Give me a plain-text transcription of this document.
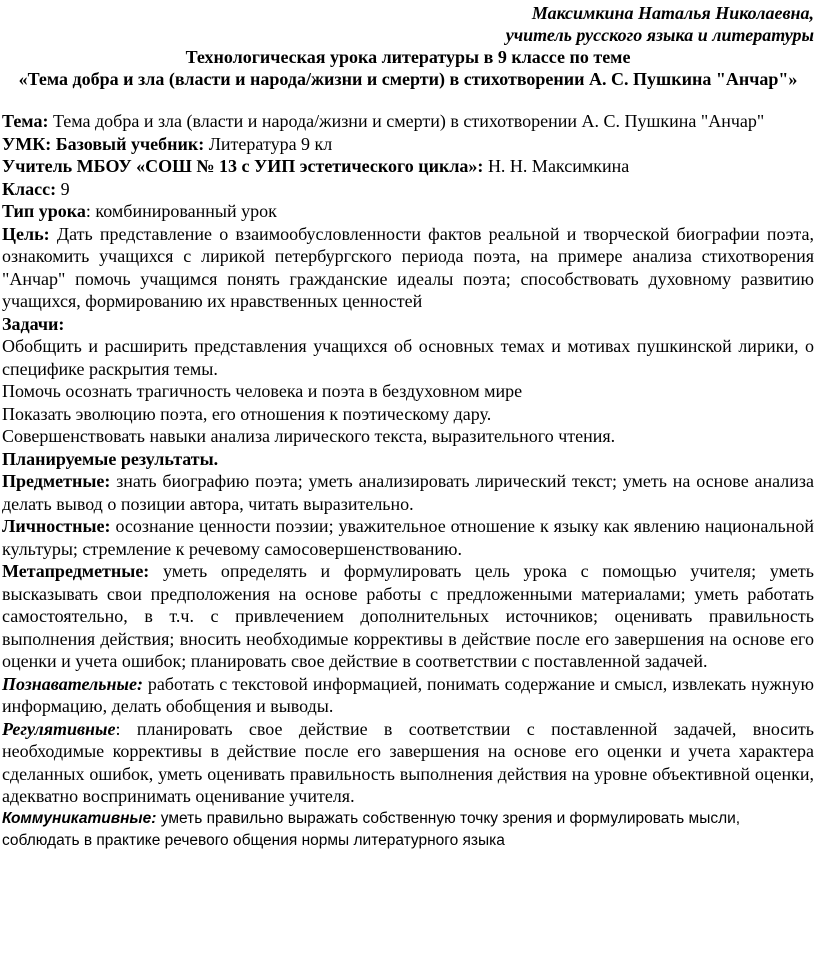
Максимкина Наталья Николаевна,
учитель русского языка и литературы
Технологическая урока литературы в 9 классе по теме
«Тема добра и зла (власти и народа/жизни и смерти) в стихотворении А. С. Пушкина "Анчар"»

Тема: Тема добра и зла (власти и народа/жизни и смерти) в стихотворении А. С. Пушкина "Анчар"

УМК: Базовый учебник: Литература 9 кл

Учитель МБОУ «СОШ № 13 с УИП эстетического цикла»: Н. Н. Максимкина

Класс: 9

Тип урока: комбинированный урок

Цель: Дать представление о взаимообусловленности фактов реальной и творческой биографии поэта, ознакомить учащихся с лирикой петербургского периода поэта, на примере анализа стихотворения "Анчар" помочь учащимся понять гражданские идеалы поэта; способствовать духовному развитию учащихся, формированию их нравственных ценностей

Задачи:

Обобщить и расширить представления учащихся об основных темах и мотивах пушкинской лирики, о специфике раскрытия темы.

Помочь осознать трагичность человека и поэта в бездуховном мире

Показать эволюцию поэта, его отношения к поэтическому дару.

Совершенствовать навыки анализа лирического текста, выразительного чтения.

Планируемые результаты.

Предметные: знать биографию поэта; уметь анализировать лирический текст; уметь на основе анализа делать вывод о позиции автора, читать выразительно.

Личностные: осознание ценности поэзии; уважительное отношение к языку как явлению национальной культуры; стремление к речевому самосовершенствованию.

Метапредметные: уметь определять и формулировать цель урока с помощью учителя; уметь высказывать свои предположения на основе работы с предложенными материалами; уметь работать самостоятельно, в т.ч. с привлечением дополнительных источников; оценивать правильность выполнения действия; вносить необходимые коррективы в действие после его завершения на основе его оценки и учета ошибок; планировать свое действие в соответствии с поставленной задачей.

Познавательные: работать с текстовой информацией, понимать содержание и смысл, извлекать нужную информацию, делать обобщения и выводы.

Регулятивные: планировать свое действие в соответствии с поставленной задачей, вносить необходимые коррективы в действие после его завершения на основе его оценки и учета характера сделанных ошибок, уметь оценивать правильность выполнения действия на уровне объективной оценки, адекватно воспринимать оценивание учителя.

Коммуникативные: уметь правильно выражать собственную точку зрения и формулировать мысли, соблюдать в практике речевого общения нормы литературного языка
